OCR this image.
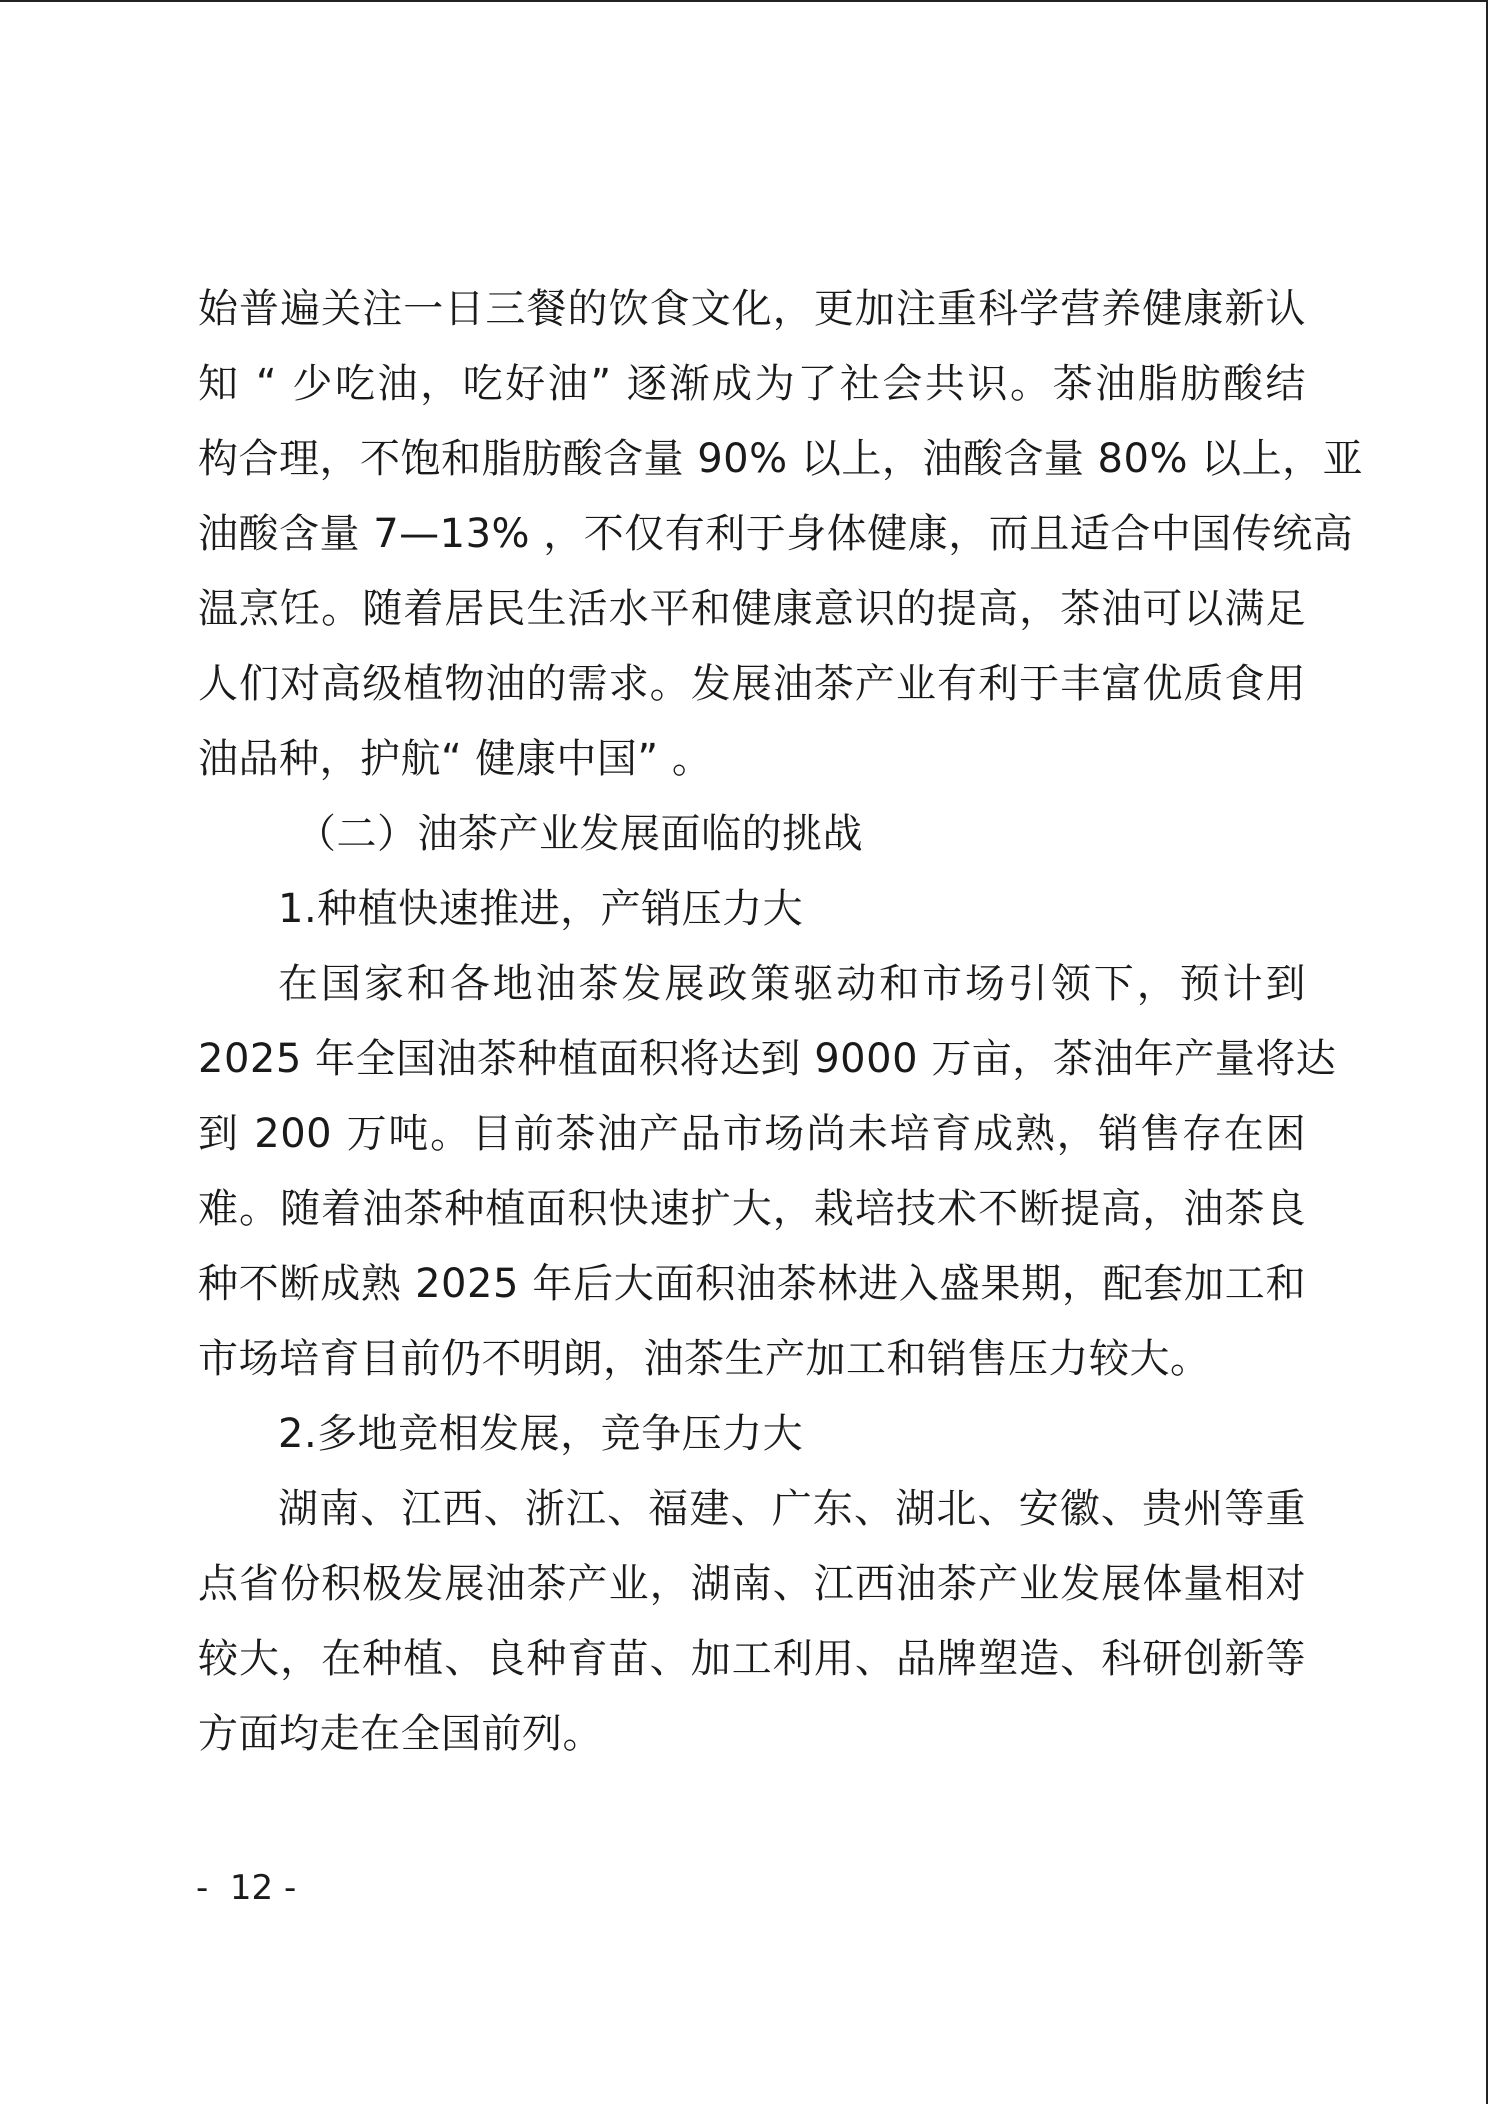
始普遍关注一日三餐的饮食文化，更加注重科学营养健康新认
知 “ 少吃油，吃好油” 逐渐成为了社会共识。茶油脂肪酸结
构合理，不饱和脂肪酸含量 90% 以上，油酸含量 80% 以上，亚
油酸含量 7—13% ，不仅有利于身体健康，而且适合中国传统高
温烹饪。随着居民生活水平和健康意识的提高，茶油可以满足
人们对高级植物油的需求。发展油茶产业有利于丰富优质食用
油品种，护航“ 健康中国” 。
（二）油茶产业发展面临的挑战
1.种植快速推进，产销压力大
在国家和各地油茶发展政策驱动和市场引领下，预计到
2025 年全国油茶种植面积将达到 9000 万亩，茶油年产量将达
到 200 万吨。目前茶油产品市场尚未培育成熟，销售存在困
难。随着油茶种植面积快速扩大，栽培技术不断提高，油茶良
种不断成熟 2025 年后大面积油茶林进入盛果期，配套加工和
市场培育目前仍不明朗，油茶生产加工和销售压力较大。
2.多地竞相发展，竞争压力大
湖南、江西、浙江、福建、广东、湖北、安徽、贵州等重
点省份积极发展油茶产业，湖南、江西油茶产业发展体量相对
较大，在种植、良种育苗、加工利用、品牌塑造、科研创新等
方面均走在全国前列。
-  12 -
